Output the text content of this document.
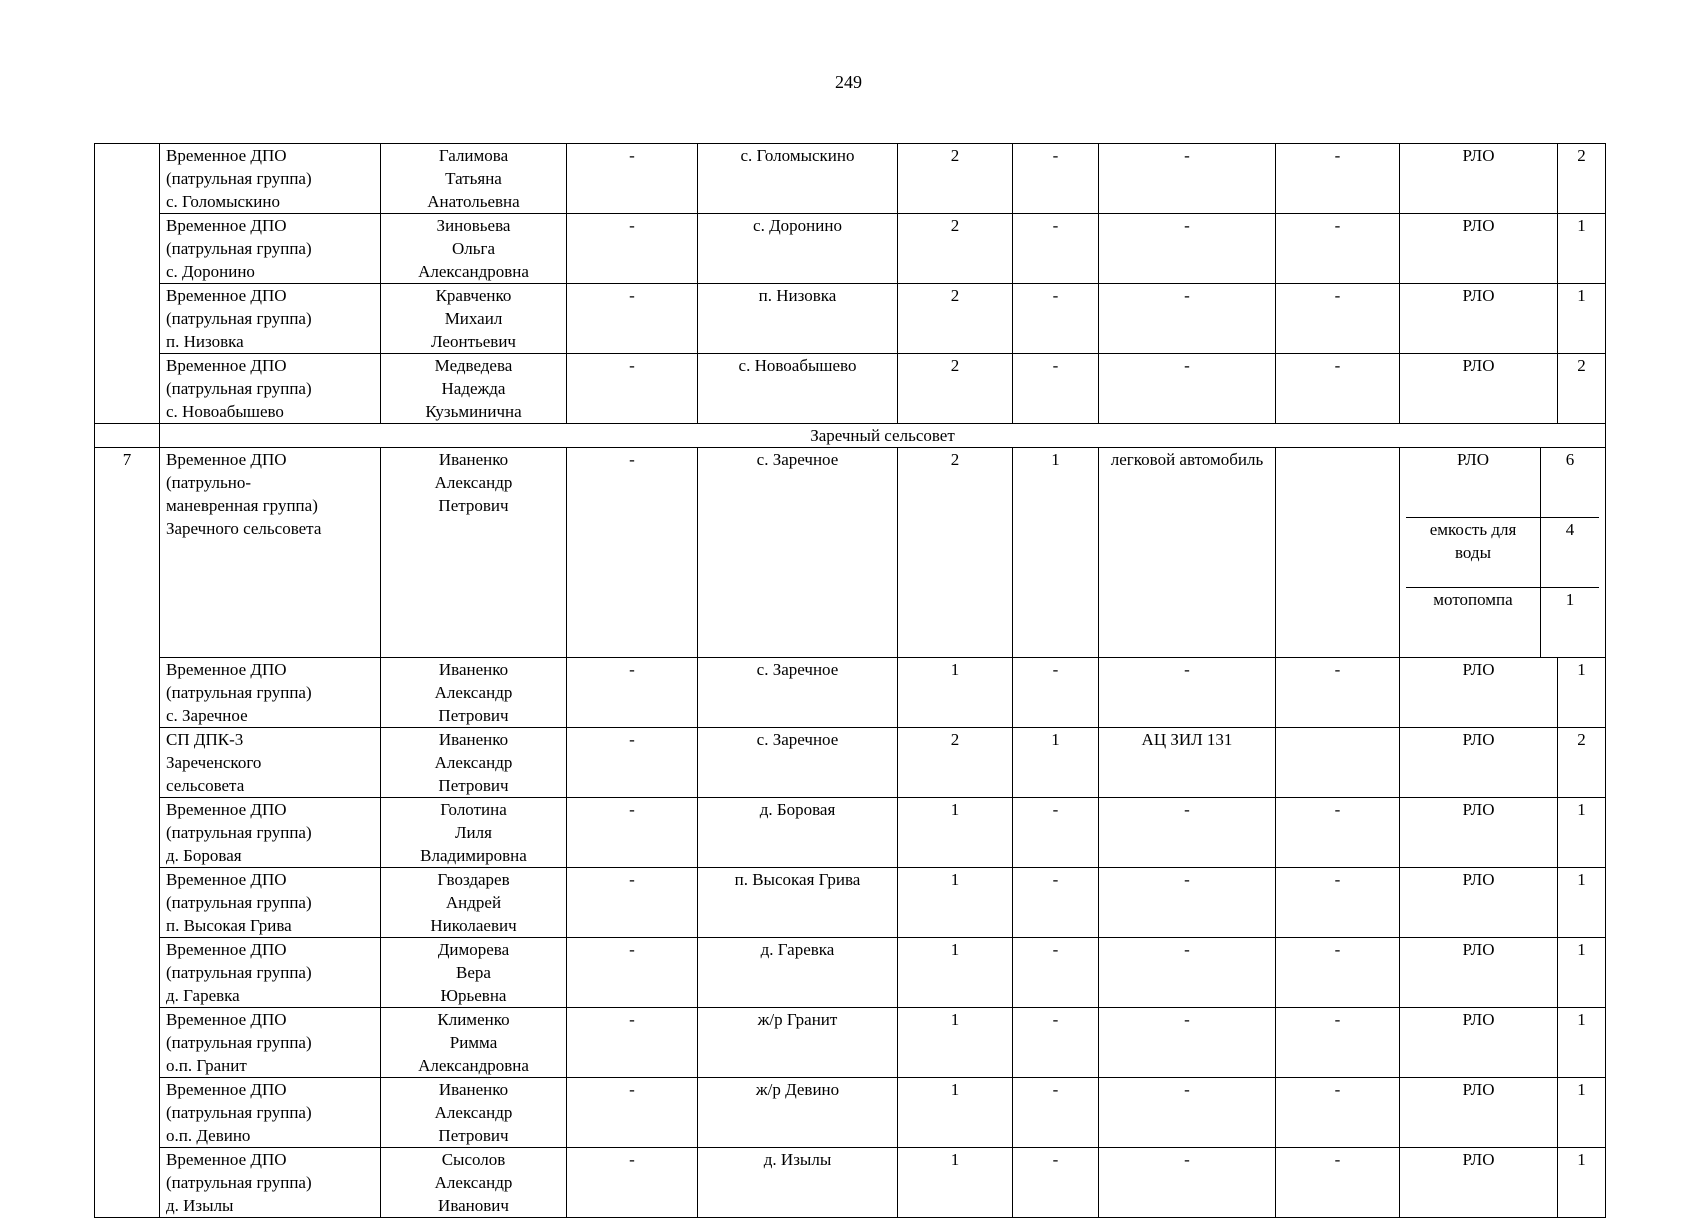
249
	Временное ДПО
(патрульная группа)
с. Голомыскино	Галимова
Татьяна
Анатольевна	-	с. Голомыскино	2	-	-	-	РЛО	2
Временное ДПО
(патрульная группа)
с. Доронино	Зиновьева
Ольга
Александровна	-	с. Доронино	2	-	-	-	РЛО	1
Временное ДПО
(патрульная группа)
п. Низовка	Кравченко
Михаил
Леонтьевич	-	п. Низовка	2	-	-	-	РЛО	1
Временное ДПО
(патрульная группа)
с. Новоабышево	Медведева
Надежда
Кузьминична	-	с. Новоабышево	2	-	-	-	РЛО	2
	Заречный сельсовет
7	Временное ДПО
(патрульно-
маневренная группа)
Заречного сельсовета	Иваненко
Александр
Петрович	-	с. Заречное	2	1	легковой автомобиль			РЛО	6
емкость для воды	4
мотопомпа	1

Временное ДПО
(патрульная группа)
с. Заречное	Иваненко
Александр
Петрович	-	с. Заречное	1	-	-	-	РЛО	1
СП ДПК-3
Зареченского
сельсовета	Иваненко
Александр
Петрович	-	с. Заречное	2	1	АЦ ЗИЛ 131		РЛО	2
Временное ДПО
(патрульная группа)
д. Боровая	Голотина
Лиля
Владимировна	-	д. Боровая	1	-	-	-	РЛО	1
Временное ДПО
(патрульная группа)
п. Высокая Грива	Гвоздарев
Андрей
Николаевич	-	п. Высокая Грива	1	-	-	-	РЛО	1
Временное ДПО
(патрульная группа)
д. Гаревка	Диморева
Вера
Юрьевна	-	д. Гаревка	1	-	-	-	РЛО	1
Временное ДПО
(патрульная группа)
о.п. Гранит	Клименко
Римма
Александровна	-	ж/р Гранит	1	-	-	-	РЛО	1
Временное ДПО
(патрульная группа)
о.п. Девино	Иваненко
Александр
Петрович	-	ж/р Девино	1	-	-	-	РЛО	1
Временное ДПО
(патрульная группа)
д. Изылы	Сысолов
Александр
Иванович	-	д. Изылы	1	-	-	-	РЛО	1
